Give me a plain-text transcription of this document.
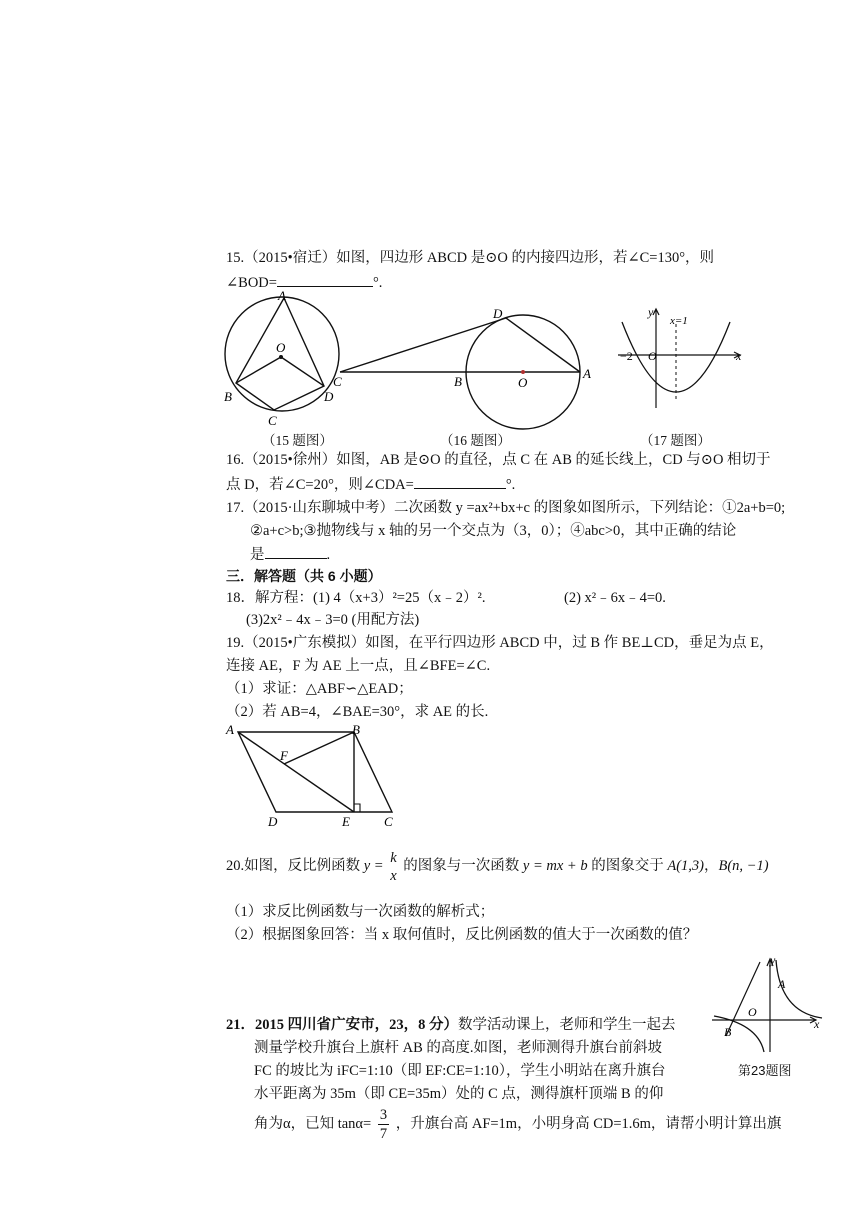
15.（2015•宿迁）如图，四边形 ABCD 是⊙O 的内接四边形，若∠C=130°，则
∠BOD=	°.
A
O
B	D
C
D
C	B	O
A
y
x=1
−2 O	x
（15 题图）	（16 题图）	（17 题图）
16.（2015•徐州）如图，AB 是⊙O 的直径，点 C 在 AB 的延长线上，CD 与⊙O 相切于
点 D，若∠C=20°，则∠CDA=	°.
17.（2015·山东聊城中考）二次函数 y =ax²+bx+c 的图象如图所示，下列结论：①2a+b=0;
②a+c>b;③抛物线与 x 轴的另一个交点为（3，0）；④abc>0，其中正确的结论
是	.
三．解答题（共 6 小题）
18．解方程：(1) 4（x+3）²=25（x﹣2）².	(2) x²﹣6x﹣4=0.
(3)2x²﹣4x﹣3=0 (用配方法)
19.（2015•广东模拟）如图，在平行四边形 ABCD 中，过 B 作 BE⊥CD，垂足为点 E，
连接 AE，F 为 AE 上一点，且∠BFE=∠C.
（1）求证：△ABF∽△EAD；
（2）若 AB=4，∠BAE=30°，求 AE 的长.
A	B
F
D	E	C
20.如图，反比例函数 y =
k
x
的图象与一次函数 y = mx + b 的图象交于 A(1,3)，B(n, −1)
（1）求反比例函数与一次函数的解析式；
（2）根据图象回答：当 x 取何值时，反比例函数的值大于一次函数的值？
y
A
O
x
B
第23题图
21．2015 四川省广安市，23，8 分）数学活动课上，老师和学生一起去
测量学校升旗台上旗杆 AB 的高度.如图，老师测得升旗台前斜坡
FC 的坡比为 iFC=1:10（即 EF:CE=1:10），学生小明站在离升旗台
水平距离为 35m（即 CE=35m）处的 C 点，测得旗杆顶端 B 的仰
角为α，已知 $\tan\alpha= \frac{3}{7}$ ，升旗台高 AF=1m，小明身高 CD=1.6m，请帮小明计算出旗
